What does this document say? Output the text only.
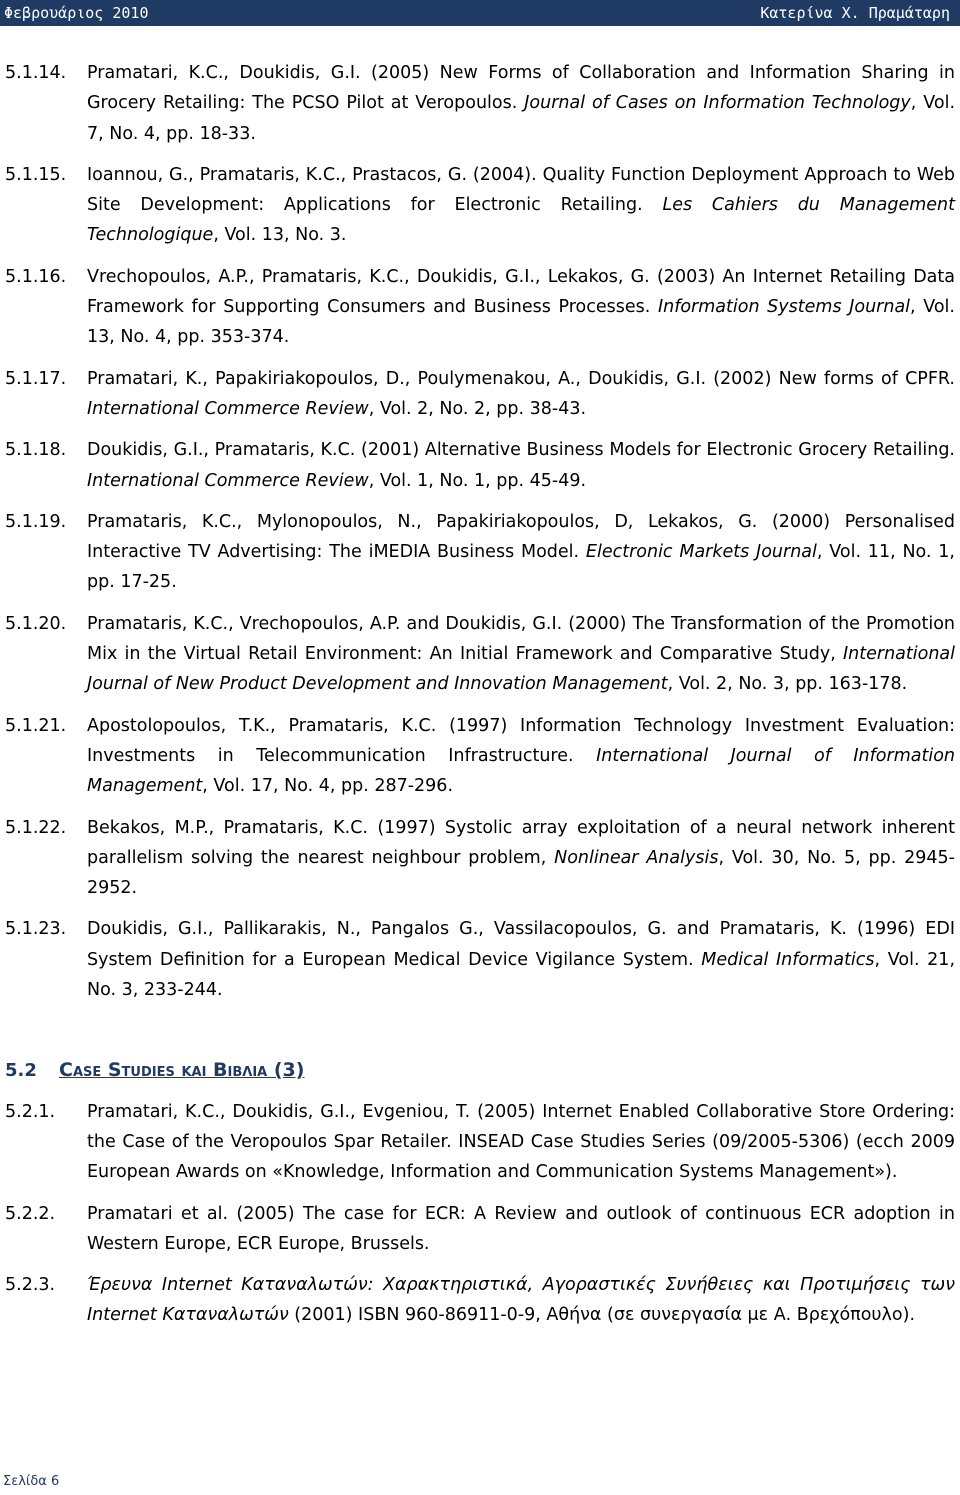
Φεβρουάριος 2010	Κατερίνα Χ. Πραμάταρη
5.1.14.	Pramatari, K.C., Doukidis, G.I. (2005) New Forms of Collaboration and Information Sharing in Grocery Retailing: The PCSO Pilot at Veropoulos. Journal of Cases on Information Technology, Vol. 7, No. 4, pp. 18-33.
5.1.15.	Ioannou, G., Pramataris, K.C., Prastacos, G. (2004). Quality Function Deployment Approach to Web Site Development: Applications for Electronic Retailing. Les Cahiers du Management Technologique, Vol. 13, No. 3.
5.1.16.	Vrechopoulos, A.P., Pramataris, K.C., Doukidis, G.I., Lekakos, G. (2003) An Internet Retailing Data Framework for Supporting Consumers and Business Processes. Information Systems Journal, Vol. 13, No. 4, pp. 353-374.
5.1.17.	Pramatari, K., Papakiriakopoulos, D., Poulymenakou, A., Doukidis, G.I. (2002) New forms of CPFR. International Commerce Review, Vol. 2, No. 2, pp. 38-43.
5.1.18.	Doukidis, G.I., Pramataris, K.C. (2001) Alternative Business Models for Electronic Grocery Retailing. International Commerce Review, Vol. 1, No. 1, pp. 45-49.
5.1.19.	Pramataris, K.C., Mylonopoulos, N., Papakiriakopoulos, D, Lekakos, G. (2000) Personalised Interactive TV Advertising: The iMEDIA Business Model. Electronic Markets Journal, Vol. 11, No. 1, pp. 17-25.
5.1.20.	Pramataris, K.C., Vrechopoulos, A.P. and Doukidis, G.I. (2000) The Transformation of the Promotion Mix in the Virtual Retail Environment: An Initial Framework and Comparative Study, International Journal of New Product Development and Innovation Management, Vol. 2, No. 3, pp. 163-178.
5.1.21.	Apostolopoulos, T.K., Pramataris, K.C. (1997) Information Technology Investment Evaluation: Investments in Telecommunication Infrastructure. International Journal of Information Management, Vol. 17, No. 4, pp. 287-296.
5.1.22.	Bekakos, M.P., Pramataris, K.C. (1997) Systolic array exploitation of a neural network inherent parallelism solving the nearest neighbour problem, Nonlinear Analysis, Vol. 30, No. 5, pp. 2945-2952.
5.1.23.	Doukidis, G.I., Pallikarakis, N., Pangalos G., Vassilacopoulos, G. and Pramataris, K. (1996) EDI System Definition for a European Medical Device Vigilance System. Medical Informatics, Vol. 21, No. 3, 233-244.
5.2	Case Studies και Βιβλια (3)
5.2.1.	Pramatari, K.C., Doukidis, G.I., Evgeniou, T. (2005) Internet Enabled Collaborative Store Ordering: the Case of the Veropoulos Spar Retailer. INSEAD Case Studies Series (09/2005-5306) (ecch 2009 European Awards on «Knowledge, Information and Communication Systems Management»).
5.2.2.	Pramatari et al. (2005) The case for ECR: A Review and outlook of continuous ECR adoption in Western Europe, ECR Europe, Brussels.
5.2.3.	Έρευνα Internet Καταναλωτών: Χαρακτηριστικά, Αγοραστικές Συνήθειες και Προτιμήσεις των Internet Καταναλωτών (2001) ISBN 960-86911-0-9, Αθήνα (σε συνεργασία με Α. Βρεχόπουλο).
Σελίδα 6
